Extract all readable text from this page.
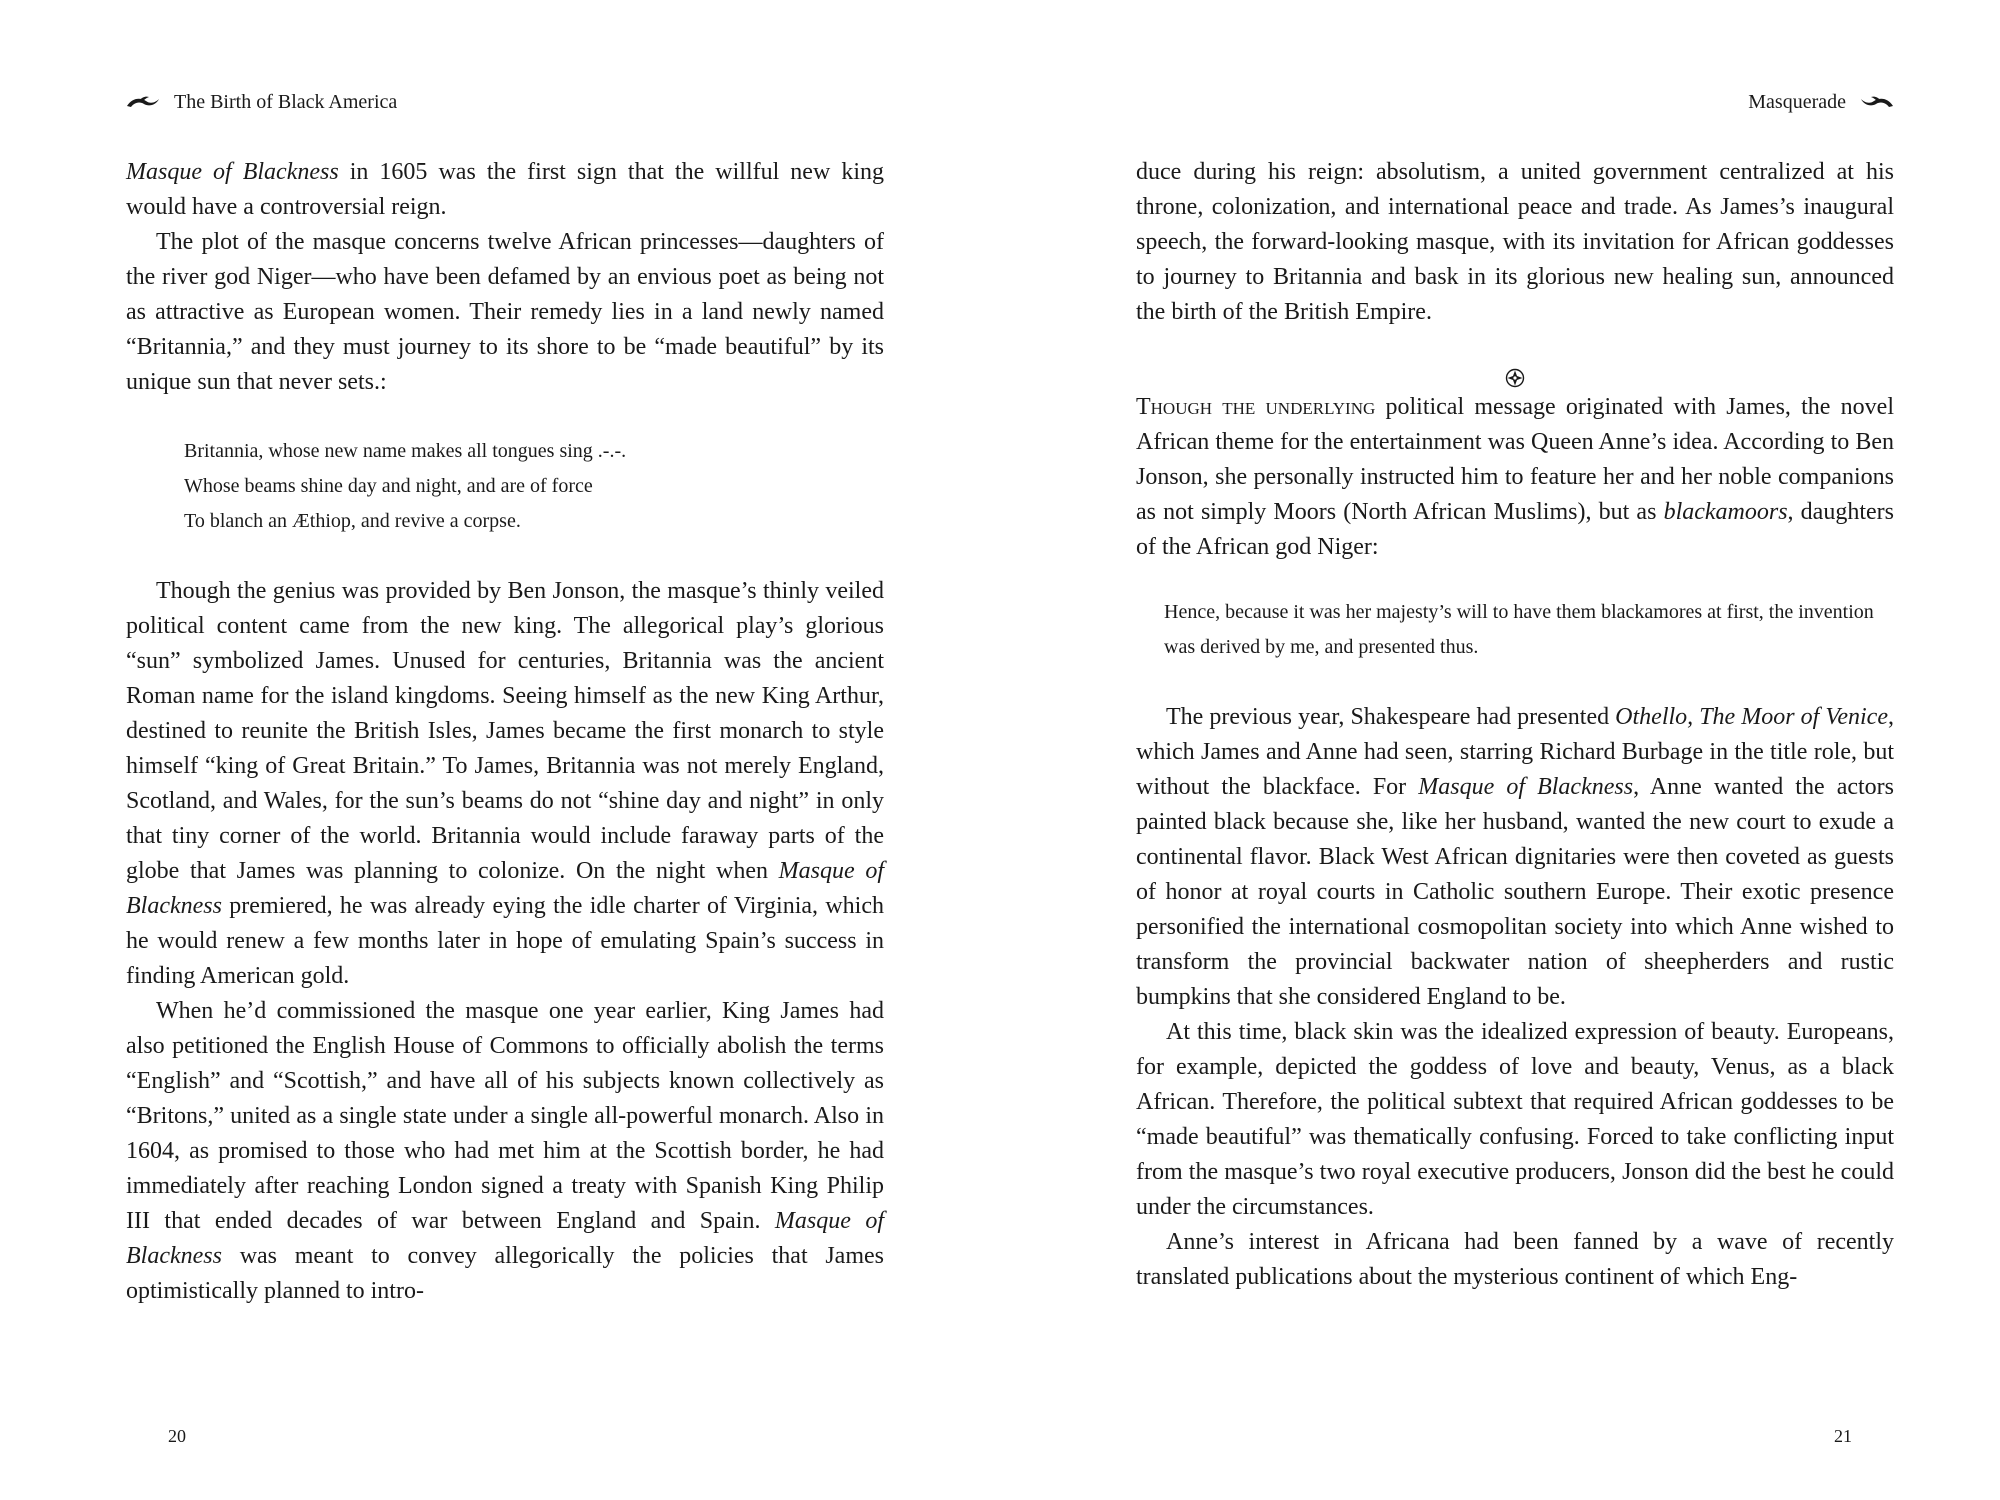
The Birth of Black America

Masque of Blackness in 1605 was the first sign that the willful new king would have a controversial reign.

The plot of the masque concerns twelve African princesses—daughters of the river god Niger—who have been defamed by an envious poet as being not as attractive as European women. Their remedy lies in a land newly named “Britannia,” and they must journey to its shore to be “made beautiful” by its unique sun that never sets.:

Britannia, whose new name makes all tongues sing .-.-.
Whose beams shine day and night, and are of force
To blanch an Æthiop, and revive a corpse.

Though the genius was provided by Ben Jonson, the masque’s thinly veiled political content came from the new king. The allegorical play’s glorious “sun” symbolized James. Unused for centuries, Britannia was the ancient Roman name for the island kingdoms. Seeing himself as the new King Arthur, destined to reunite the British Isles, James became the first monarch to style himself “king of Great Britain.” To James, Britannia was not merely England, Scotland, and Wales, for the sun’s beams do not “shine day and night” in only that tiny corner of the world. Britannia would include faraway parts of the globe that James was planning to colonize. On the night when Masque of Blackness premiered, he was already eying the idle charter of Virginia, which he would renew a few months later in hope of emulating Spain’s success in finding American gold.

When he’d commissioned the masque one year earlier, King James had also petitioned the English House of Commons to officially abolish the terms “English” and “Scottish,” and have all of his subjects known collectively as “Britons,” united as a single state under a single all-powerful monarch. Also in 1604, as promised to those who had met him at the Scottish border, he had immediately after reaching London signed a treaty with Spanish King Philip III that ended decades of war between England and Spain. Masque of Blackness was meant to convey allegorically the policies that James optimistically planned to intro-

20
Masquerade

duce during his reign: absolutism, a united government centralized at his throne, colonization, and international peace and trade. As James’s inaugural speech, the forward-looking masque, with its invitation for African goddesses to journey to Britannia and bask in its glorious new healing sun, announced the birth of the British Empire.

Though the underlying political message originated with James, the novel African theme for the entertainment was Queen Anne’s idea. According to Ben Jonson, she personally instructed him to feature her and her noble companions as not simply Moors (North African Muslims), but as blackamoors, daughters of the African god Niger:

Hence, because it was her majesty’s will to have them blackamores at first, the invention was derived by me, and presented thus.

The previous year, Shakespeare had presented Othello, The Moor of Venice, which James and Anne had seen, starring Richard Burbage in the title role, but without the blackface. For Masque of Blackness, Anne wanted the actors painted black because she, like her husband, wanted the new court to exude a continental flavor. Black West African dignitaries were then coveted as guests of honor at royal courts in Catholic southern Europe. Their exotic presence personified the international cosmopolitan society into which Anne wished to transform the provincial backwater nation of sheepherders and rustic bumpkins that she considered England to be.

At this time, black skin was the idealized expression of beauty. Europeans, for example, depicted the goddess of love and beauty, Venus, as a black African. Therefore, the political subtext that required African goddesses to be “made beautiful” was thematically confusing. Forced to take conflicting input from the masque’s two royal executive producers, Jonson did the best he could under the circumstances.

Anne’s interest in Africana had been fanned by a wave of recently translated publications about the mysterious continent of which Eng-

21
